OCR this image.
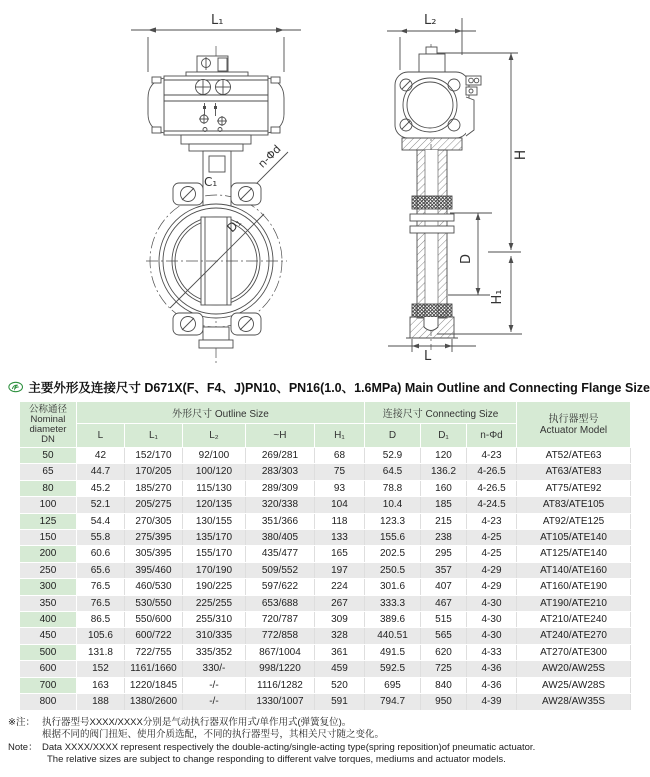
L₁
C₁
n-Φd
D₁
L₂
D
H
H₁
L
主要外形及连接尺寸 D671X(F、F4、J)PN10、PN16(1.0、1.6MPa) Main Outline and Connecting Flange Size
公称通径
Nominal
diameter
DN
	外形尺寸 Outline Size	连接尺寸 Connecting Size	执行器型号
Actuator Model

	L	L₁	L₂	~H	H₁	D	D₁	n-Φd	
50	42	152/170	92/100	269/281	68	52.9	120	4-23	AT52/ATE63
65	44.7	170/205	100/120	283/303	75	64.5	136.2	4-26.5	AT63/ATE83
80	45.2	185/270	115/130	289/309	93	78.8	160	4-26.5	AT75/ATE92
100	52.1	205/275	120/135	320/338	104	10.4	185	4-24.5	AT83/ATE105
125	54.4	270/305	130/155	351/366	118	123.3	215	4-23	AT92/ATE125
150	55.8	275/395	135/170	380/405	133	155.6	238	4-25	AT105/ATE140
200	60.6	305/395	155/170	435/477	165	202.5	295	4-25	AT125/ATE140
250	65.6	395/460	170/190	509/552	197	250.5	357	4-29	AT140/ATE160
300	76.5	460/530	190/225	597/622	224	301.6	407	4-29	AT160/ATE190
350	76.5	530/550	225/255	653/688	267	333.3	467	4-30	AT190/ATE210
400	86.5	550/600	255/310	720/787	309	389.6	515	4-30	AT210/ATE240
450	105.6	600/722	310/335	772/858	328	440.51	565	4-30	AT240/ATE270
500	131.8	722/755	335/352	867/1004	361	491.5	620	4-33	AT270/ATE300
600	152	1161/1660	330/-	998/1220	459	592.5	725	4-36	AW20/AW25S
700	163	1220/1845	-/-	1116/1282	520	695	840	4-36	AW25/AW28S
800	188	1380/2600	-/-	1330/1007	591	794.7	950	4-39	AW28/AW35S
※注： 执行器型号XXXX/XXXX分别是气动执行器双作用式/单作用式(弹簧复位)。
根据不同的阀门扭矩、使用介质选配，不同的执行器型号，其相关尺寸随之变化。
Note： Data XXXX/XXXX represent respectively the double-acting/single-acting type(spring reposition)of pneumatic actuator.
The relative sizes are subject to change responding to different valve torques, mediums and actuator models.
